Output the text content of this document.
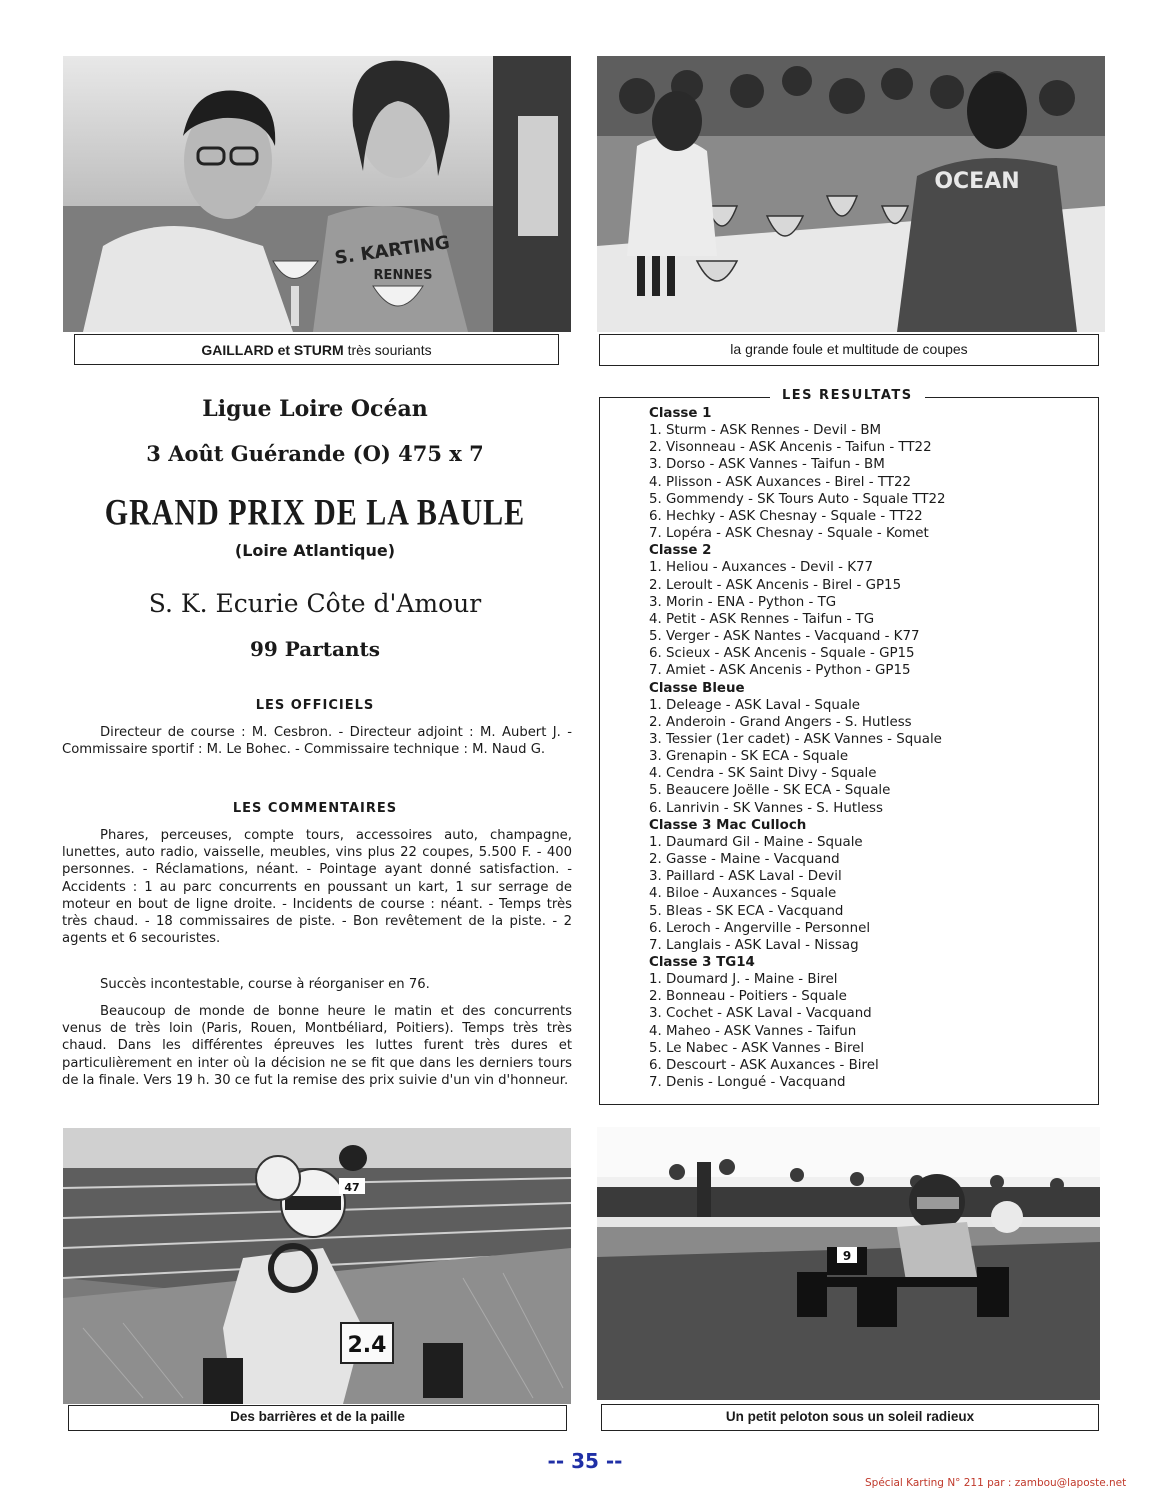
S. KARTING
RENNES
GAILLARD et STURM très souriants
OCEAN
la grande foule et multitude de coupes
Ligue Loire Océan
3 Août Guérande (O) 475 x 7
GRAND PRIX DE LA BAULE
(Loire Atlantique)
S. K. Ecurie Côte d'Amour
99 Partants
LES OFFICIELS

Directeur de course : M. Cesbron. - Directeur adjoint : M. Aubert J. - Commissaire sportif : M. Le Bohec. - Commissaire technique : M. Naud G.

LES COMMENTAIRES

Phares, perceuses, compte tours, accessoires auto, champagne, lunettes, auto radio, vaisselle, meubles, vins plus 22 coupes, 5.500 F. - 400 personnes. - Réclamations, néant. - Pointage ayant donné satisfaction. - Accidents : 1 au parc concurrents en poussant un kart, 1 sur serrage de moteur en bout de ligne droite. - Incidents de course : néant. - Temps très très chaud. - 18 commissaires de piste. - Bon revêtement de la piste. - 2 agents et 6 secouristes.

Succès incontestable, course à réorganiser en 76.

Beaucoup de monde de bonne heure le matin et des concurrents venus de très loin (Paris, Rouen, Montbéliard, Poitiers). Temps très très chaud. Dans les différentes épreuves les luttes furent très dures et particulièrement en inter où la décision ne se fit que dans les derniers tours de la finale. Vers 19 h. 30 ce fut la remise des prix suivie d'un vin d'honneur.

LES RESULTATS
Classe 1
1. Sturm - ASK Rennes - Devil - BM
2. Visonneau - ASK Ancenis - Taifun - TT22
3. Dorso - ASK Vannes - Taifun - BM
4. Plisson - ASK Auxances - Birel - TT22
5. Gommendy - SK Tours Auto - Squale TT22
6. Hechky - ASK Chesnay - Squale - TT22
7. Lopéra - ASK Chesnay - Squale - Komet
Classe 2
1. Heliou - Auxances - Devil - K77
2. Leroult - ASK Ancenis - Birel - GP15
3. Morin - ENA - Python - TG
4. Petit - ASK Rennes - Taifun - TG
5. Verger - ASK Nantes - Vacquand - K77
6. Scieux - ASK Ancenis - Squale - GP15
7. Amiet - ASK Ancenis - Python - GP15
Classe Bleue
1. Deleage - ASK Laval - Squale
2. Anderoin - Grand Angers - S. Hutless
3. Tessier (1er cadet) - ASK Vannes - Squale
3. Grenapin - SK ECA - Squale
4. Cendra - SK Saint Divy - Squale
5. Beaucere Joëlle - SK ECA - Squale
6. Lanrivin - SK Vannes - S. Hutless
Classe 3 Mac Culloch
1. Daumard Gil - Maine - Squale
2. Gasse - Maine - Vacquand
3. Paillard - ASK Laval - Devil
4. Biloe - Auxances - Squale
5. Bleas - SK ECA - Vacquand
6. Leroch - Angerville - Personnel
7. Langlais - ASK Laval - Nissag
Classe 3 TG14
1. Doumard J. - Maine - Birel
2. Bonneau - Poitiers - Squale
3. Cochet - ASK Laval - Vacquand
4. Maheo - ASK Vannes - Taifun
5. Le Nabec - ASK Vannes - Birel
6. Descourt - ASK Auxances - Birel
7. Denis - Longué - Vacquand
2.4
47
Des barrières et de la paille
9
Un petit peloton sous un soleil radieux
-- 35 --
Spécial Karting N° 211 par : zambou@laposte.net
